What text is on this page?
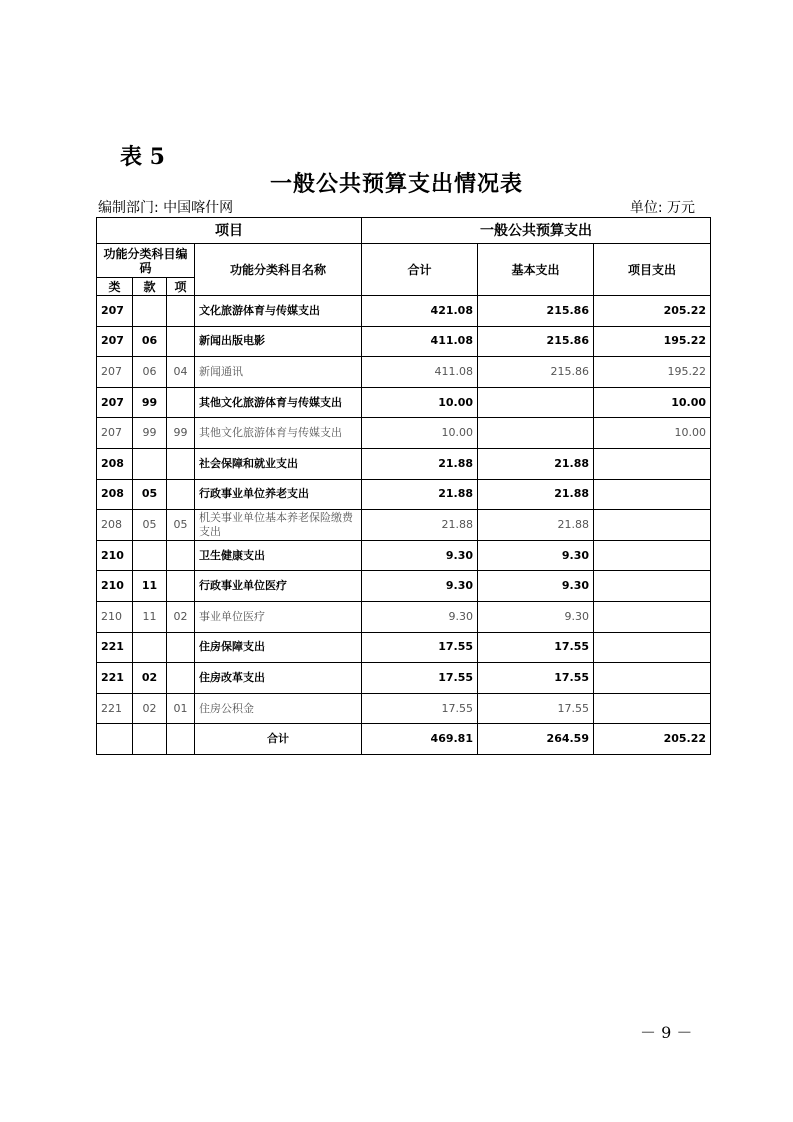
表 5
一般公共预算支出情况表
编制部门: 中国喀什网	单位: 万元
项目				一般公共预算支出		
功能分类科目编码			功能分类科目名称	合计	基本支出	项目支出
类	款	项				
207			文化旅游体育与传媒支出	421.08	215.86	205.22
207	06		新闻出版电影	411.08	215.86	195.22
207	06	04	新闻通讯	411.08	215.86	195.22
207	99		其他文化旅游体育与传媒支出	10.00		10.00
207	99	99	其他文化旅游体育与传媒支出	10.00		10.00
208			社会保障和就业支出	21.88	21.88	
208	05		行政事业单位养老支出	21.88	21.88	
208	05	05	机关事业单位基本养老保险缴费支出	21.88	21.88	
210			卫生健康支出	9.30	9.30	
210	11		行政事业单位医疗	9.30	9.30	
210	11	02	事业单位医疗	9.30	9.30	
221			住房保障支出	17.55	17.55	
221	02		住房改革支出	17.55	17.55	
221	02	01	住房公积金	17.55	17.55	
			合计	469.81	264.59	205.22
－ 9 －
